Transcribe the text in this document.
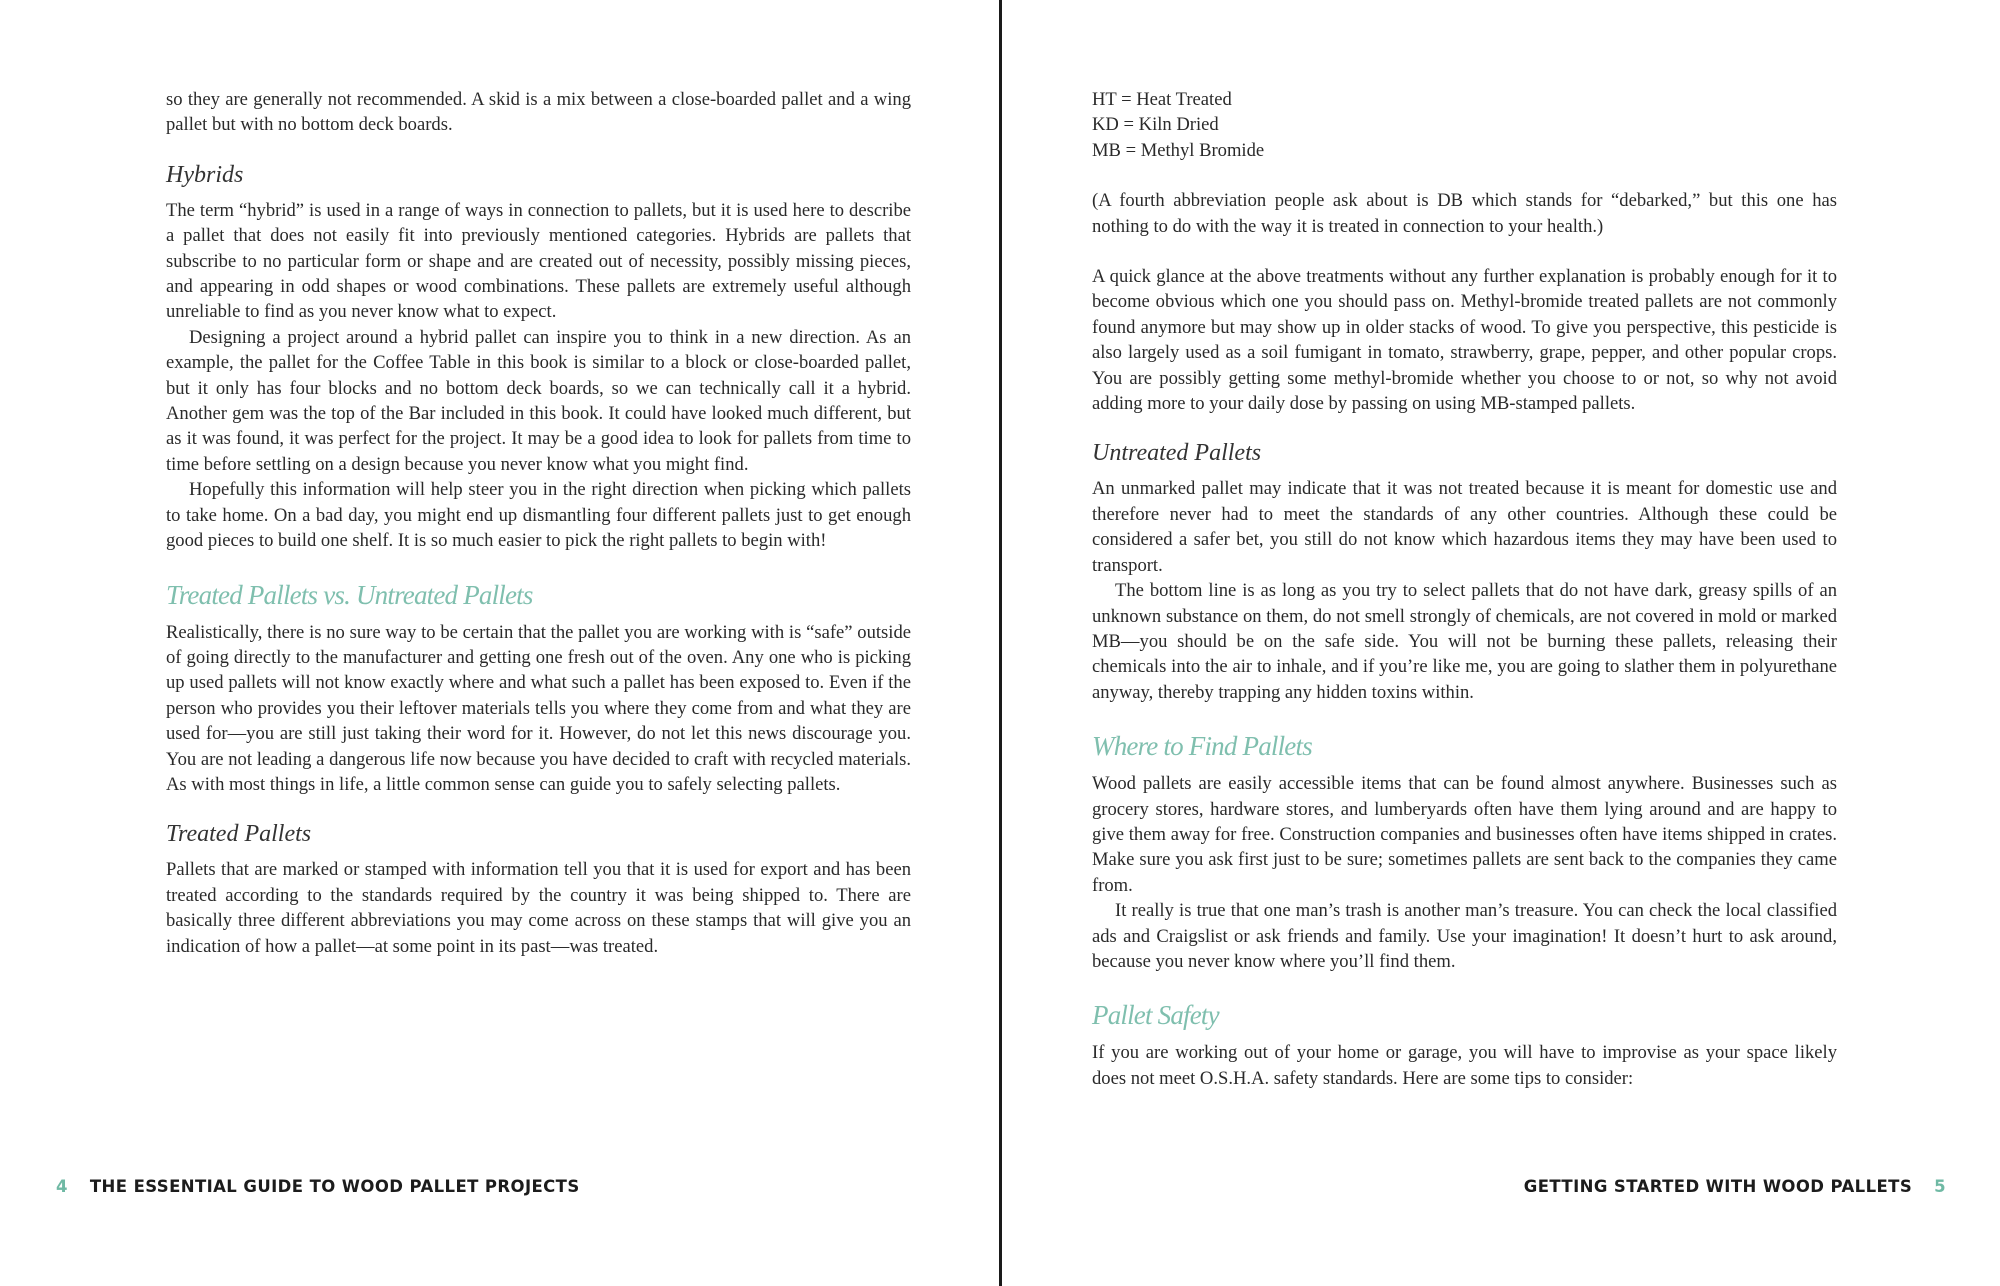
so they are generally not recommended. A skid is a mix between a close-boarded pallet and a wing pallet but with no bottom deck boards.

Hybrids

The term “hybrid” is used in a range of ways in connection to pallets, but it is used here to describe a pallet that does not easily fit into previously mentioned categories. Hybrids are pallets that subscribe to no particular form or shape and are created out of necessity, possibly missing pieces, and appearing in odd shapes or wood combinations. These pallets are extremely useful although unreliable to find as you never know what to expect.

Designing a project around a hybrid pallet can inspire you to think in a new direction. As an example, the pallet for the Coffee Table in this book is similar to a block or close-boarded pallet, but it only has four blocks and no bottom deck boards, so we can technically call it a hybrid. Another gem was the top of the Bar included in this book. It could have looked much different, but as it was found, it was perfect for the project. It may be a good idea to look for pallets from time to time before settling on a design because you never know what you might find.

Hopefully this information will help steer you in the right direction when picking which pallets to take home. On a bad day, you might end up dismantling four different pallets just to get enough good pieces to build one shelf. It is so much easier to pick the right pallets to begin with!

Treated Pallets vs. Untreated Pallets

Realistically, there is no sure way to be certain that the pallet you are working with is “safe” outside of going directly to the manufacturer and getting one fresh out of the oven. Any one who is picking up used pallets will not know exactly where and what such a pallet has been exposed to. Even if the person who provides you their leftover materials tells you where they come from and what they are used for—you are still just taking their word for it. However, do not let this news discourage you. You are not leading a dangerous life now because you have decided to craft with recycled materials. As with most things in life, a little common sense can guide you to safely selecting pallets.

Treated Pallets

Pallets that are marked or stamped with information tell you that it is used for export and has been treated according to the standards required by the country it was being shipped to. There are basically three different abbreviations you may come across on these stamps that will give you an indication of how a pallet—at some point in its past—was treated.

4 THE ESSENTIAL GUIDE TO WOOD PALLET PROJECTS

HT = Heat Treated

KD = Kiln Dried

MB = Methyl Bromide

(A fourth abbreviation people ask about is DB which stands for “debarked,” but this one has nothing to do with the way it is treated in connection to your health.)

A quick glance at the above treatments without any further explanation is probably enough for it to become obvious which one you should pass on. Methyl-bromide treated pallets are not commonly found anymore but may show up in older stacks of wood. To give you perspective, this pesticide is also largely used as a soil fumigant in tomato, strawberry, grape, pepper, and other popular crops. You are possibly getting some methyl-bromide whether you choose to or not, so why not avoid adding more to your daily dose by passing on using MB-stamped pallets.

Untreated Pallets

An unmarked pallet may indicate that it was not treated because it is meant for domestic use and therefore never had to meet the standards of any other countries. Although these could be considered a safer bet, you still do not know which hazardous items they may have been used to transport.

The bottom line is as long as you try to select pallets that do not have dark, greasy spills of an unknown substance on them, do not smell strongly of chemicals, are not covered in mold or marked MB—you should be on the safe side. You will not be burning these pallets, releasing their chemicals into the air to inhale, and if you’re like me, you are going to slather them in polyurethane anyway, thereby trapping any hidden toxins within.

Where to Find Pallets

Wood pallets are easily accessible items that can be found almost anywhere. Businesses such as grocery stores, hardware stores, and lumberyards often have them lying around and are happy to give them away for free. Construction companies and businesses often have items shipped in crates. Make sure you ask first just to be sure; sometimes pallets are sent back to the companies they came from.

It really is true that one man’s trash is another man’s treasure. You can check the local classified ads and Craigslist or ask friends and family. Use your imagination! It doesn’t hurt to ask around, because you never know where you’ll find them.

Pallet Safety

If you are working out of your home or garage, you will have to improvise as your space likely does not meet O.S.H.A. safety standards. Here are some tips to consider:

GETTING STARTED WITH WOOD PALLETS 5
